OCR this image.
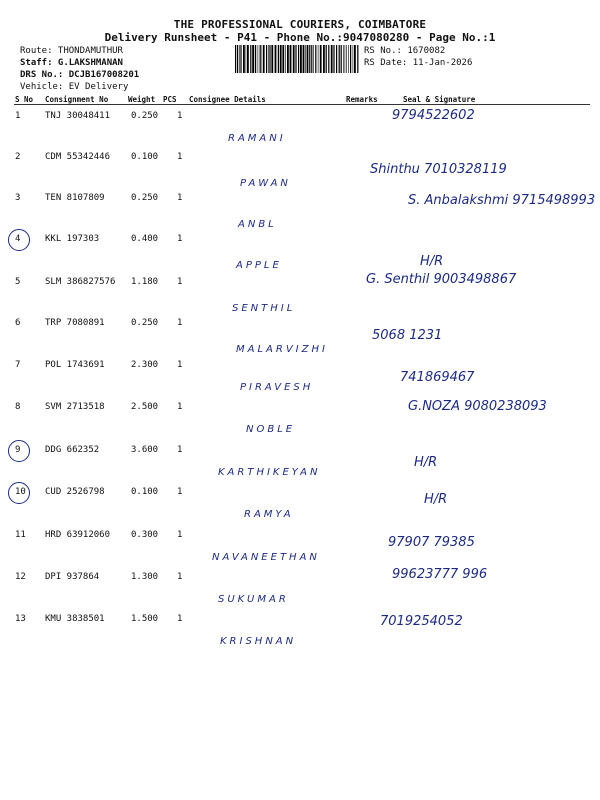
THE PROFESSIONAL COURIERS, COIMBATORE
Delivery Runsheet - P41 - Phone No.:9047080280 - Page No.:1
Route: THONDAMUTHUR
Staff: G.LAKSHMANAN
DRS No.: DCJB167008201
Vehicle: EV Delivery
RS No.: 1670082
RS Date: 11-Jan-2026
S No Consignment No	Weight PCS Consignee Details	Remarks	Seal & Signature
1	TNJ 30048411 0.250 1
RAMANI
9794522602
2	CDM 55342446 0.100 1
PAWAN
Shinthu 7010328119
3	TEN 8107809	0.250 1
ANBL
S. Anbalakshmi 9715498993
4	KKL 197303	0.400 1
APPLE	H/R
5	SLM 386827576 1.180 1
SENTHIL
G. Senthil 9003498867
6	TRP 7080891	0.250 1
MALARVIZHI
5068 1231
7	POL 1743691	2.300 1
PIRAVESH
741869467
8	SVM 2713518	2.500 1
NOBLE
G.NOZA 9080238093
9	DDG 662352	3.600 1
KARTHIKEYAN
H/R
10 CUD 2526798	0.100 1
RAMYA
H/R
11 HRD 63912060 0.300 1
NAVANEETHAN
97907 79385
12 DPI 937864	1.300 1
SUKUMAR
99623777 996
13 KMU 3838501	1.500 1
KRISHNAN
7019254052
